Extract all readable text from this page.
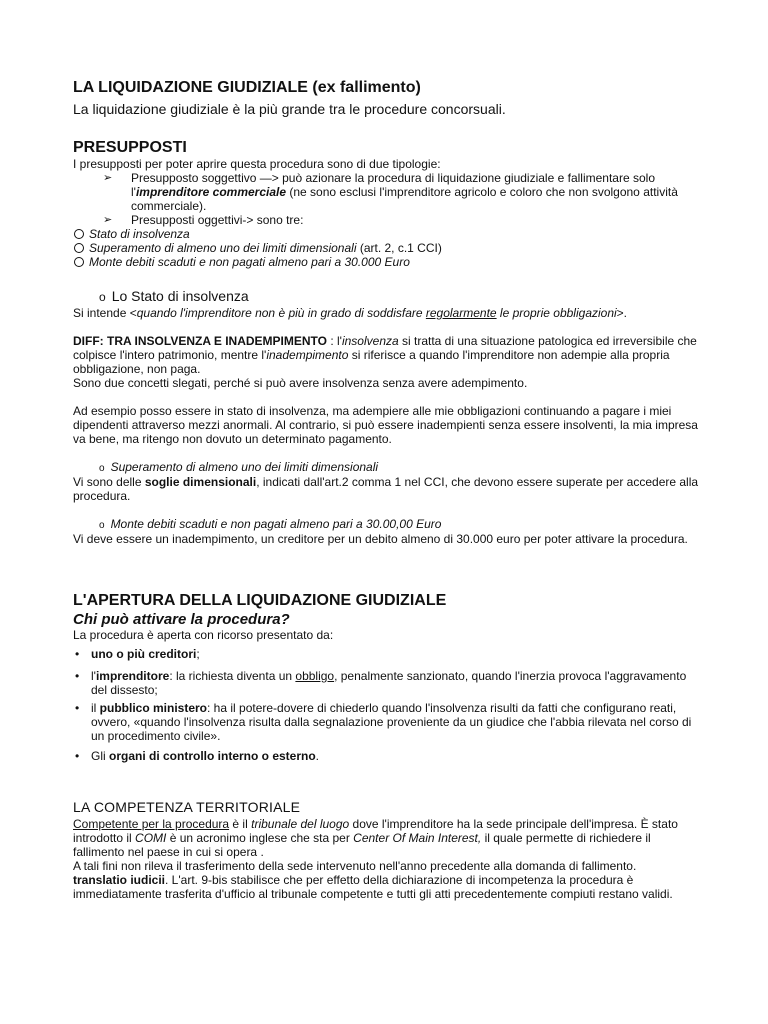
LA LIQUIDAZIONE GIUDIZIALE (ex fallimento)

La liquidazione giudiziale è la più grande tra le procedure concorsuali.

PRESUPPOSTI

I presupposti per poter aprire questa procedura sono di due tipologie:

➢ Presupposto soggettivo —> può azionare la procedura di liquidazione giudiziale e fallimentare solo l'imprenditore commerciale (ne sono esclusi l'imprenditore agricolo e coloro che non svolgono attività commerciale).
➢ Presupposti oggettivi-> sono tre:
Stato di insolvenza
Superamento di almeno uno dei limiti dimensionali (art. 2, c.1 CCI)
Monte debiti scaduti e non pagati almeno pari a 30.000 Euro

o Lo Stato di insolvenza

Si intende <quando l'imprenditore non è più in grado di soddisfare regolarmente le proprie obbligazioni>.

DIFF: TRA INSOLVENZA E INADEMPIMENTO : l'insolvenza si tratta di una situazione patologica ed irreversibile che colpisce l'intero patrimonio, mentre l'inadempimento si riferisce a quando l'imprenditore non adempie alla propria obbligazione, non paga.

Sono due concetti slegati, perché si può avere insolvenza senza avere adempimento.

Ad esempio posso essere in stato di insolvenza, ma adempiere alle mie obbligazioni continuando a pagare i miei dipendenti attraverso mezzi anormali. Al contrario, si può essere inadempienti senza essere insolventi, la mia impresa va bene, ma ritengo non dovuto un determinato pagamento.

o Superamento di almeno uno dei limiti dimensionali

Vi sono delle soglie dimensionali, indicati dall'art.2 comma 1 nel CCI, che devono essere superate per accedere alla procedura.

o Monte debiti scaduti e non pagati almeno pari a 30.00,00 Euro

Vi deve essere un inadempimento, un creditore per un debito almeno di 30.000 euro per poter attivare la procedura.

L'APERTURA DELLA LIQUIDAZIONE GIUDIZIALE

Chi può attivare la procedura?

La procedura è aperta con ricorso presentato da:

• uno o più creditori;
• l'imprenditore: la richiesta diventa un obbligo, penalmente sanzionato, quando l'inerzia provoca l'aggravamento del dissesto;
• il pubblico ministero: ha il potere-dovere di chiederlo quando l'insolvenza risulti da fatti che configurano reati, ovvero, «quando l'insolvenza risulta dalla segnalazione proveniente da un giudice che l'abbia rilevata nel corso di un procedimento civile».
• Gli organi di controllo interno o esterno.

LA COMPETENZA TERRITORIALE

Competente per la procedura è il tribunale del luogo dove l'imprenditore ha la sede principale dell'impresa. È stato introdotto il COMI è un acronimo inglese che sta per Center Of Main Interest, il quale permette di richiedere il fallimento nel paese in cui si opera .

A tali fini non rileva il trasferimento della sede intervenuto nell'anno precedente alla domanda di fallimento.

translatio iudicii. L'art. 9-bis stabilisce che per effetto della dichiarazione di incompetenza la procedura è immediatamente trasferita d'ufficio al tribunale competente e tutti gli atti precedentemente compiuti restano validi.
